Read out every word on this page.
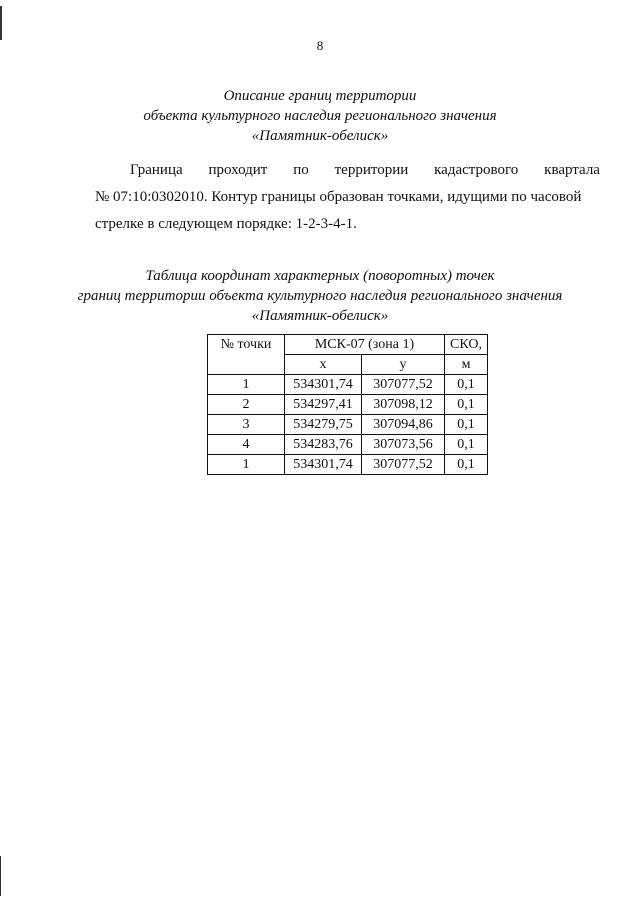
8
Описание границ территории
объекта культурного наследия регионального значения
«Памятник-обелиск»
Граница проходит по территории кадастрового квартала
№ 07:10:0302010. Контур границы образован точками, идущими по часовой
стрелке в следующем порядке: 1-2-3-4-1.
Таблица координат характерных (поворотных) точек
границ территории объекта культурного наследия регионального значения
«Памятник-обелиск»
№ точки	МСК-07 (зона 1)		СКО,
	x	y	м
1	534301,74	307077,52	0,1
2	534297,41	307098,12	0,1
3	534279,75	307094,86	0,1
4	534283,76	307073,56	0,1
1	534301,74	307077,52	0,1
